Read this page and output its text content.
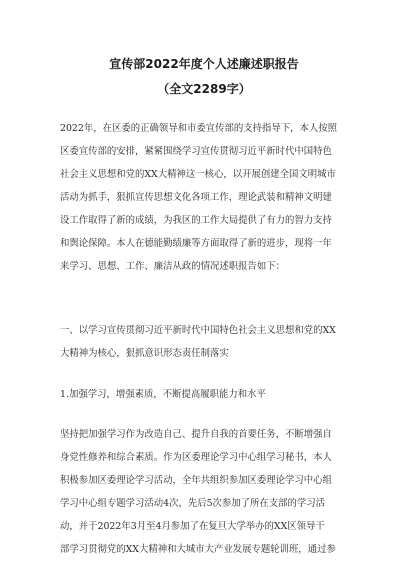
宣传部2022年度个人述廉述职报告
（全文2289字）
2022年，在区委的正确领导和市委宣传部的支持指导下，本人按照
区委宣传部的安排，紧紧围绕学习宣传贯彻习近平新时代中国特色
社会主义思想和党的XX大精神这一核心，以开展创建全国文明城市
活动为抓手，狠抓宣传思想文化各项工作，理论武装和精神文明建
设工作取得了新的成绩，为我区的工作大局提供了有力的智力支持
和舆论保障。本人在德能勤绩廉等方面取得了新的进步，现将一年
来学习、思想、工作、廉洁从政的情况述职报告如下：
一、以学习宣传贯彻习近平新时代中国特色社会主义思想和党的XX
大精神为核心，狠抓意识形态责任制落实
1.加强学习，增强素质，不断提高履职能力和水平
坚持把加强学习作为改造自己、提升自我的首要任务，不断增强自
身党性修养和综合素质。作为区委理论学习中心组学习秘书，本人
积极参加区委理论学习活动，全年共组织参加区委理论学习中心组
学习中心组专题学习活动4次，先后5次参加了所在支部的学习活
动，并于2022年3月至4月参加了在复旦大学举办的XX区领导干
部学习贯彻党的XX大精神和大城市大产业发展专题轮训班，通过参
